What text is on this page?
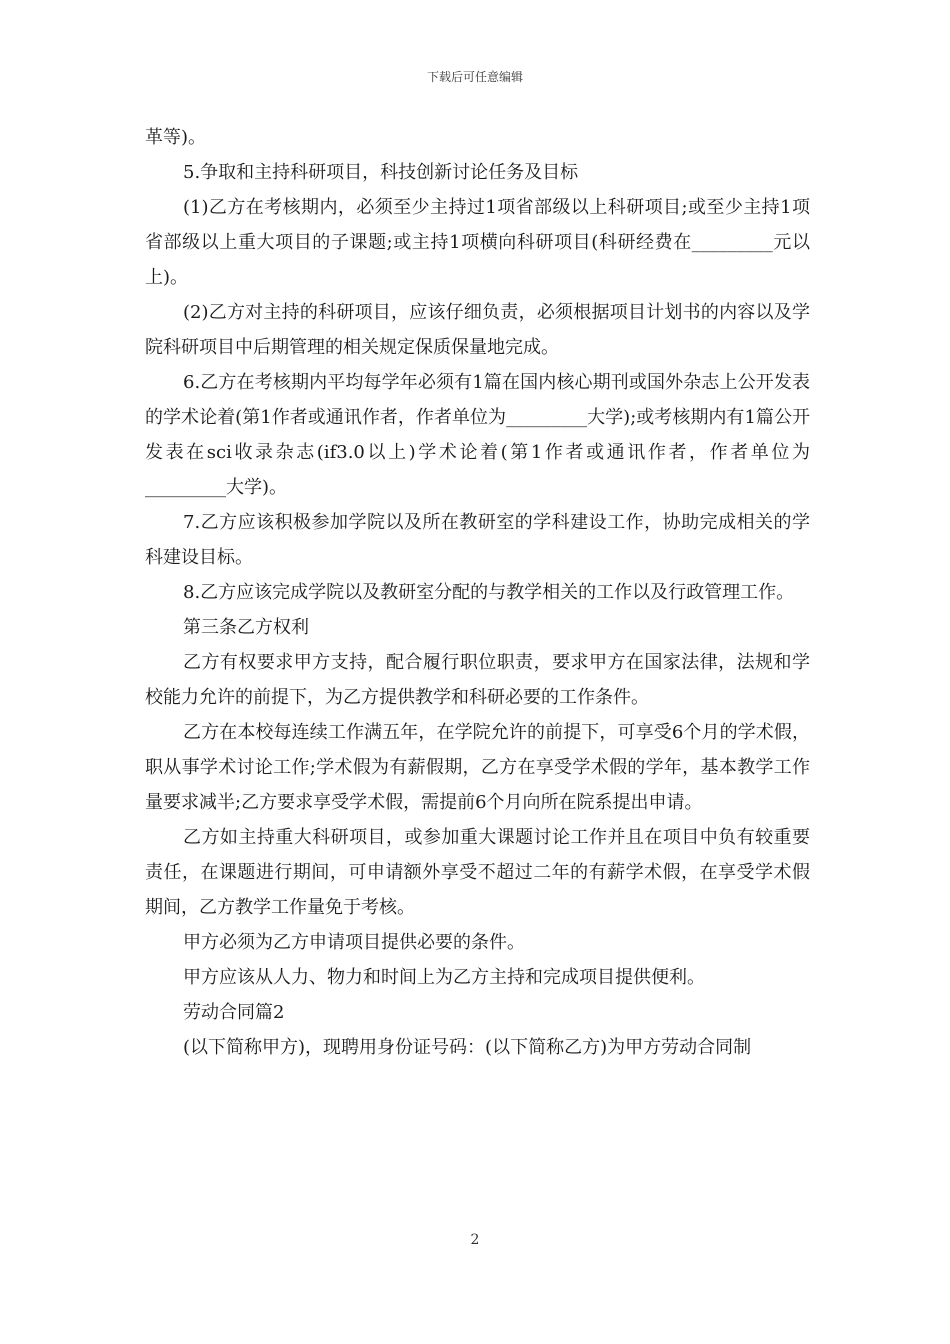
下载后可任意编辑

革等)。

5.争取和主持科研项目，科技创新讨论任务及目标

(1)乙方在考核期内，必须至少主持过1项省部级以上科研项目;或至少主持1项省部级以上重大项目的子课题;或主持1项横向科研项目(科研经费在_________元以上)。

(2)乙方对主持的科研项目，应该仔细负责，必须根据项目计划书的内容以及学院科研项目中后期管理的相关规定保质保量地完成。

6.乙方在考核期内平均每学年必须有1篇在国内核心期刊或国外杂志上公开发表的学术论着(第1作者或通讯作者，作者单位为_________大学);或考核期内有1篇公开发表在sci收录杂志(if3.0以上)学术论着(第1作者或通讯作者，作者单位为_________大学)。

7.乙方应该积极参加学院以及所在教研室的学科建设工作，协助完成相关的学科建设目标。

8.乙方应该完成学院以及教研室分配的与教学相关的工作以及行政管理工作。

第三条乙方权利

乙方有权要求甲方支持，配合履行职位职责，要求甲方在国家法律，法规和学校能力允许的前提下，为乙方提供教学和科研必要的工作条件。

乙方在本校每连续工作满五年，在学院允许的前提下，可享受6个月的学术假，职从事学术讨论工作;学术假为有薪假期，乙方在享受学术假的学年，基本教学工作量要求减半;乙方要求享受学术假，需提前6个月向所在院系提出申请。

乙方如主持重大科研项目，或参加重大课题讨论工作并且在项目中负有较重要责任，在课题进行期间，可申请额外享受不超过二年的有薪学术假，在享受学术假期间，乙方教学工作量免于考核。

甲方必须为乙方申请项目提供必要的条件。

甲方应该从人力、物力和时间上为乙方主持和完成项目提供便利。

劳动合同篇2

(以下简称甲方)，现聘用身份证号码：(以下简称乙方)为甲方劳动合同制

2
